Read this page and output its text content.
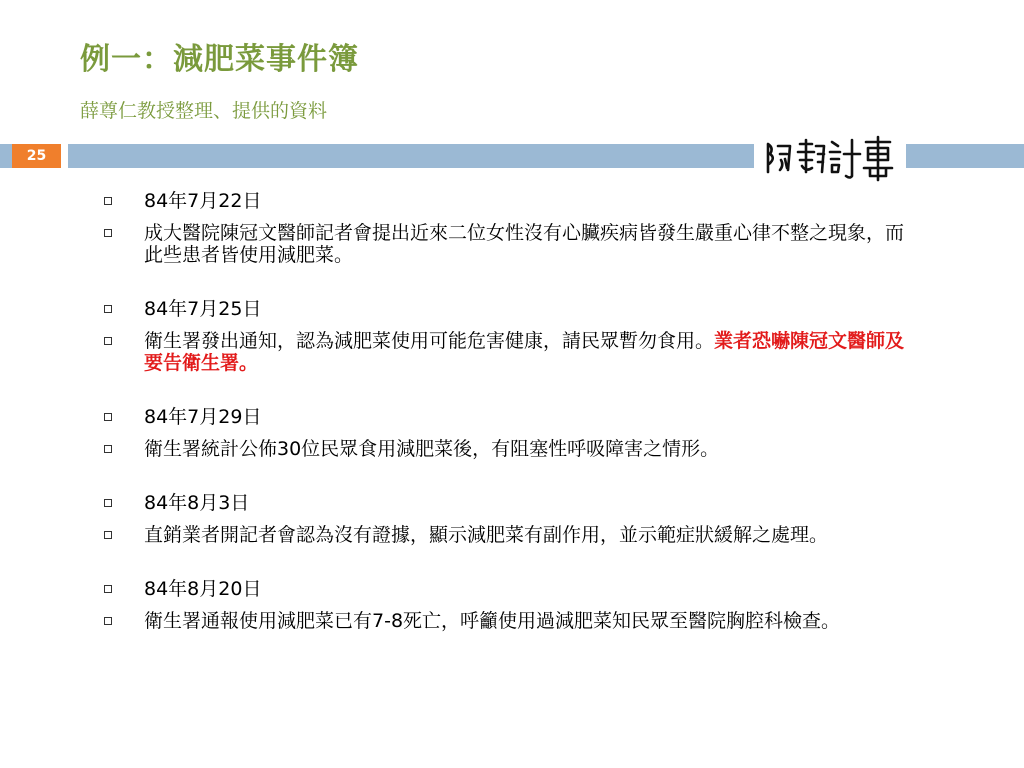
例一：減肥菜事件簿
薛尊仁教授整理、提供的資料
25
84年7月22日
成大醫院陳冠文醫師記者會提出近來二位女性沒有心臟疾病皆發生嚴重心律不整之現象，而此些患者皆使用減肥菜。
84年7月25日
衛生署發出通知，認為減肥菜使用可能危害健康，請民眾暫勿食用。業者恐嚇陳冠文醫師及要告衛生署。
84年7月29日
衛生署統計公佈30位民眾食用減肥菜後，有阻塞性呼吸障害之情形。
84年8月3日
直銷業者開記者會認為沒有證據，顯示減肥菜有副作用，並示範症狀緩解之處理。
84年8月20日
衛生署通報使用減肥菜已有7-8死亡，呼籲使用過減肥菜知民眾至醫院胸腔科檢查。
